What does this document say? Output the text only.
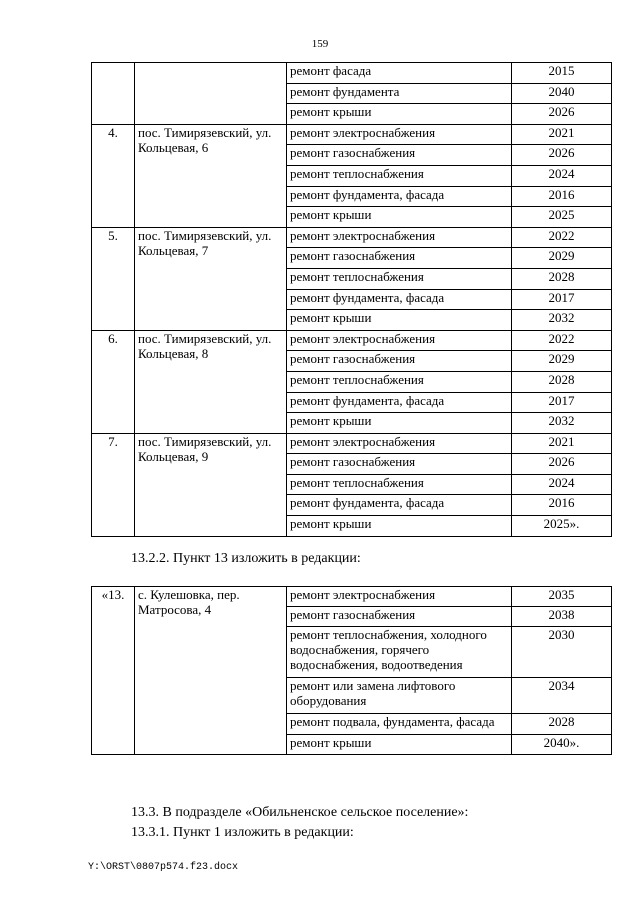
159
		ремонт фасада	2015
		ремонт фундамента	2040
		ремонт крыши	2026
4.	пос. Тимирязевский, ул. Кольцевая, 6	ремонт электроснабжения	2021
		ремонт газоснабжения	2026
		ремонт теплоснабжения	2024
		ремонт фундамента, фасада	2016
		ремонт крыши	2025
5.	пос. Тимирязевский, ул. Кольцевая, 7	ремонт электроснабжения	2022
		ремонт газоснабжения	2029
		ремонт теплоснабжения	2028
		ремонт фундамента, фасада	2017
		ремонт крыши	2032
6.	пос. Тимирязевский, ул. Кольцевая, 8	ремонт электроснабжения	2022
		ремонт газоснабжения	2029
		ремонт теплоснабжения	2028
		ремонт фундамента, фасада	2017
		ремонт крыши	2032
7.	пос. Тимирязевский, ул. Кольцевая, 9	ремонт электроснабжения	2021
		ремонт газоснабжения	2026
		ремонт теплоснабжения	2024
		ремонт фундамента, фасада	2016
		ремонт крыши	2025».
13.2.2. Пункт 13 изложить в редакции:
«13.	с. Кулешовка, пер. Матросова, 4	ремонт электроснабжения	2035
		ремонт газоснабжения	2038
		ремонт теплоснабжения, холодного водоснабжения, горячего водоснабжения, водоотведения	2030
		ремонт или замена лифтового оборудования	2034
		ремонт подвала, фундамента, фасада	2028
		ремонт крыши	2040».
13.3. В подразделе «Обильненское сельское поселение»:
13.3.1. Пункт 1 изложить в редакции:
Y:\ORST\0807p574.f23.docx
